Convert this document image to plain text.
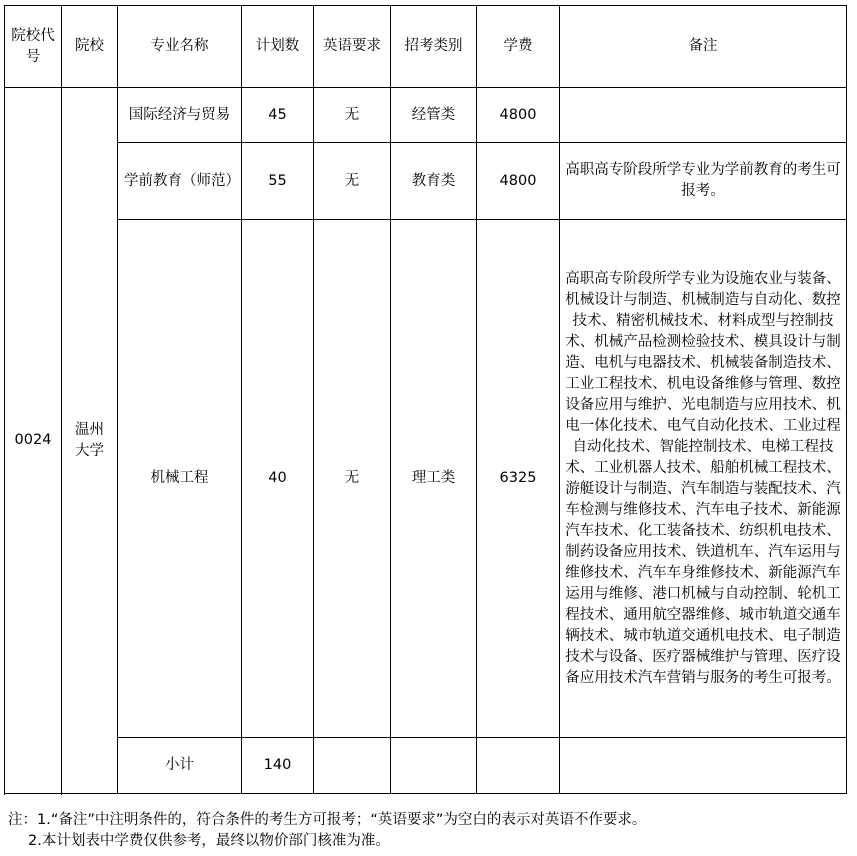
院校代号	院校	专业名称	计划数	英语要求	招考类别	学费	备注
0024	温州大学	国际经济与贸易	45	无	经管类	4800	
		学前教育（师范）	55	无	教育类	4800	高职高专阶段所学专业为学前教育的考生可报考。
		机械工程	40	无	理工类	6325	高职高专阶段所学专业为设施农业与装备、机械设计与制造、机械制造与自动化、数控技术、精密机械技术、材料成型与控制技术、机械产品检测检验技术、模具设计与制造、电机与电器技术、机械装备制造技术、工业工程技术、机电设备维修与管理、数控设备应用与维护、光电制造与应用技术、机电一体化技术、电气自动化技术、工业过程自动化技术、智能控制技术、电梯工程技术、工业机器人技术、船舶机械工程技术、游艇设计与制造、汽车制造与装配技术、汽车检测与维修技术、汽车电子技术、新能源汽车技术、化工装备技术、纺织机电技术、制药设备应用技术、铁道机车、汽车运用与维修技术、汽车车身维修技术、新能源汽车运用与维修、港口机械与自动控制、轮机工程技术、通用航空器维修、城市轨道交通车辆技术、城市轨道交通机电技术、电子制造技术与设备、医疗器械维护与管理、医疗设备应用技术汽车营销与服务的考生可报考。
		小计	140				

注：1.“备注”中注明条件的，符合条件的考生方可报考；“英语要求”为空白的表示对英语不作要求。
2.本计划表中学费仅供参考，最终以物价部门核准为准。
